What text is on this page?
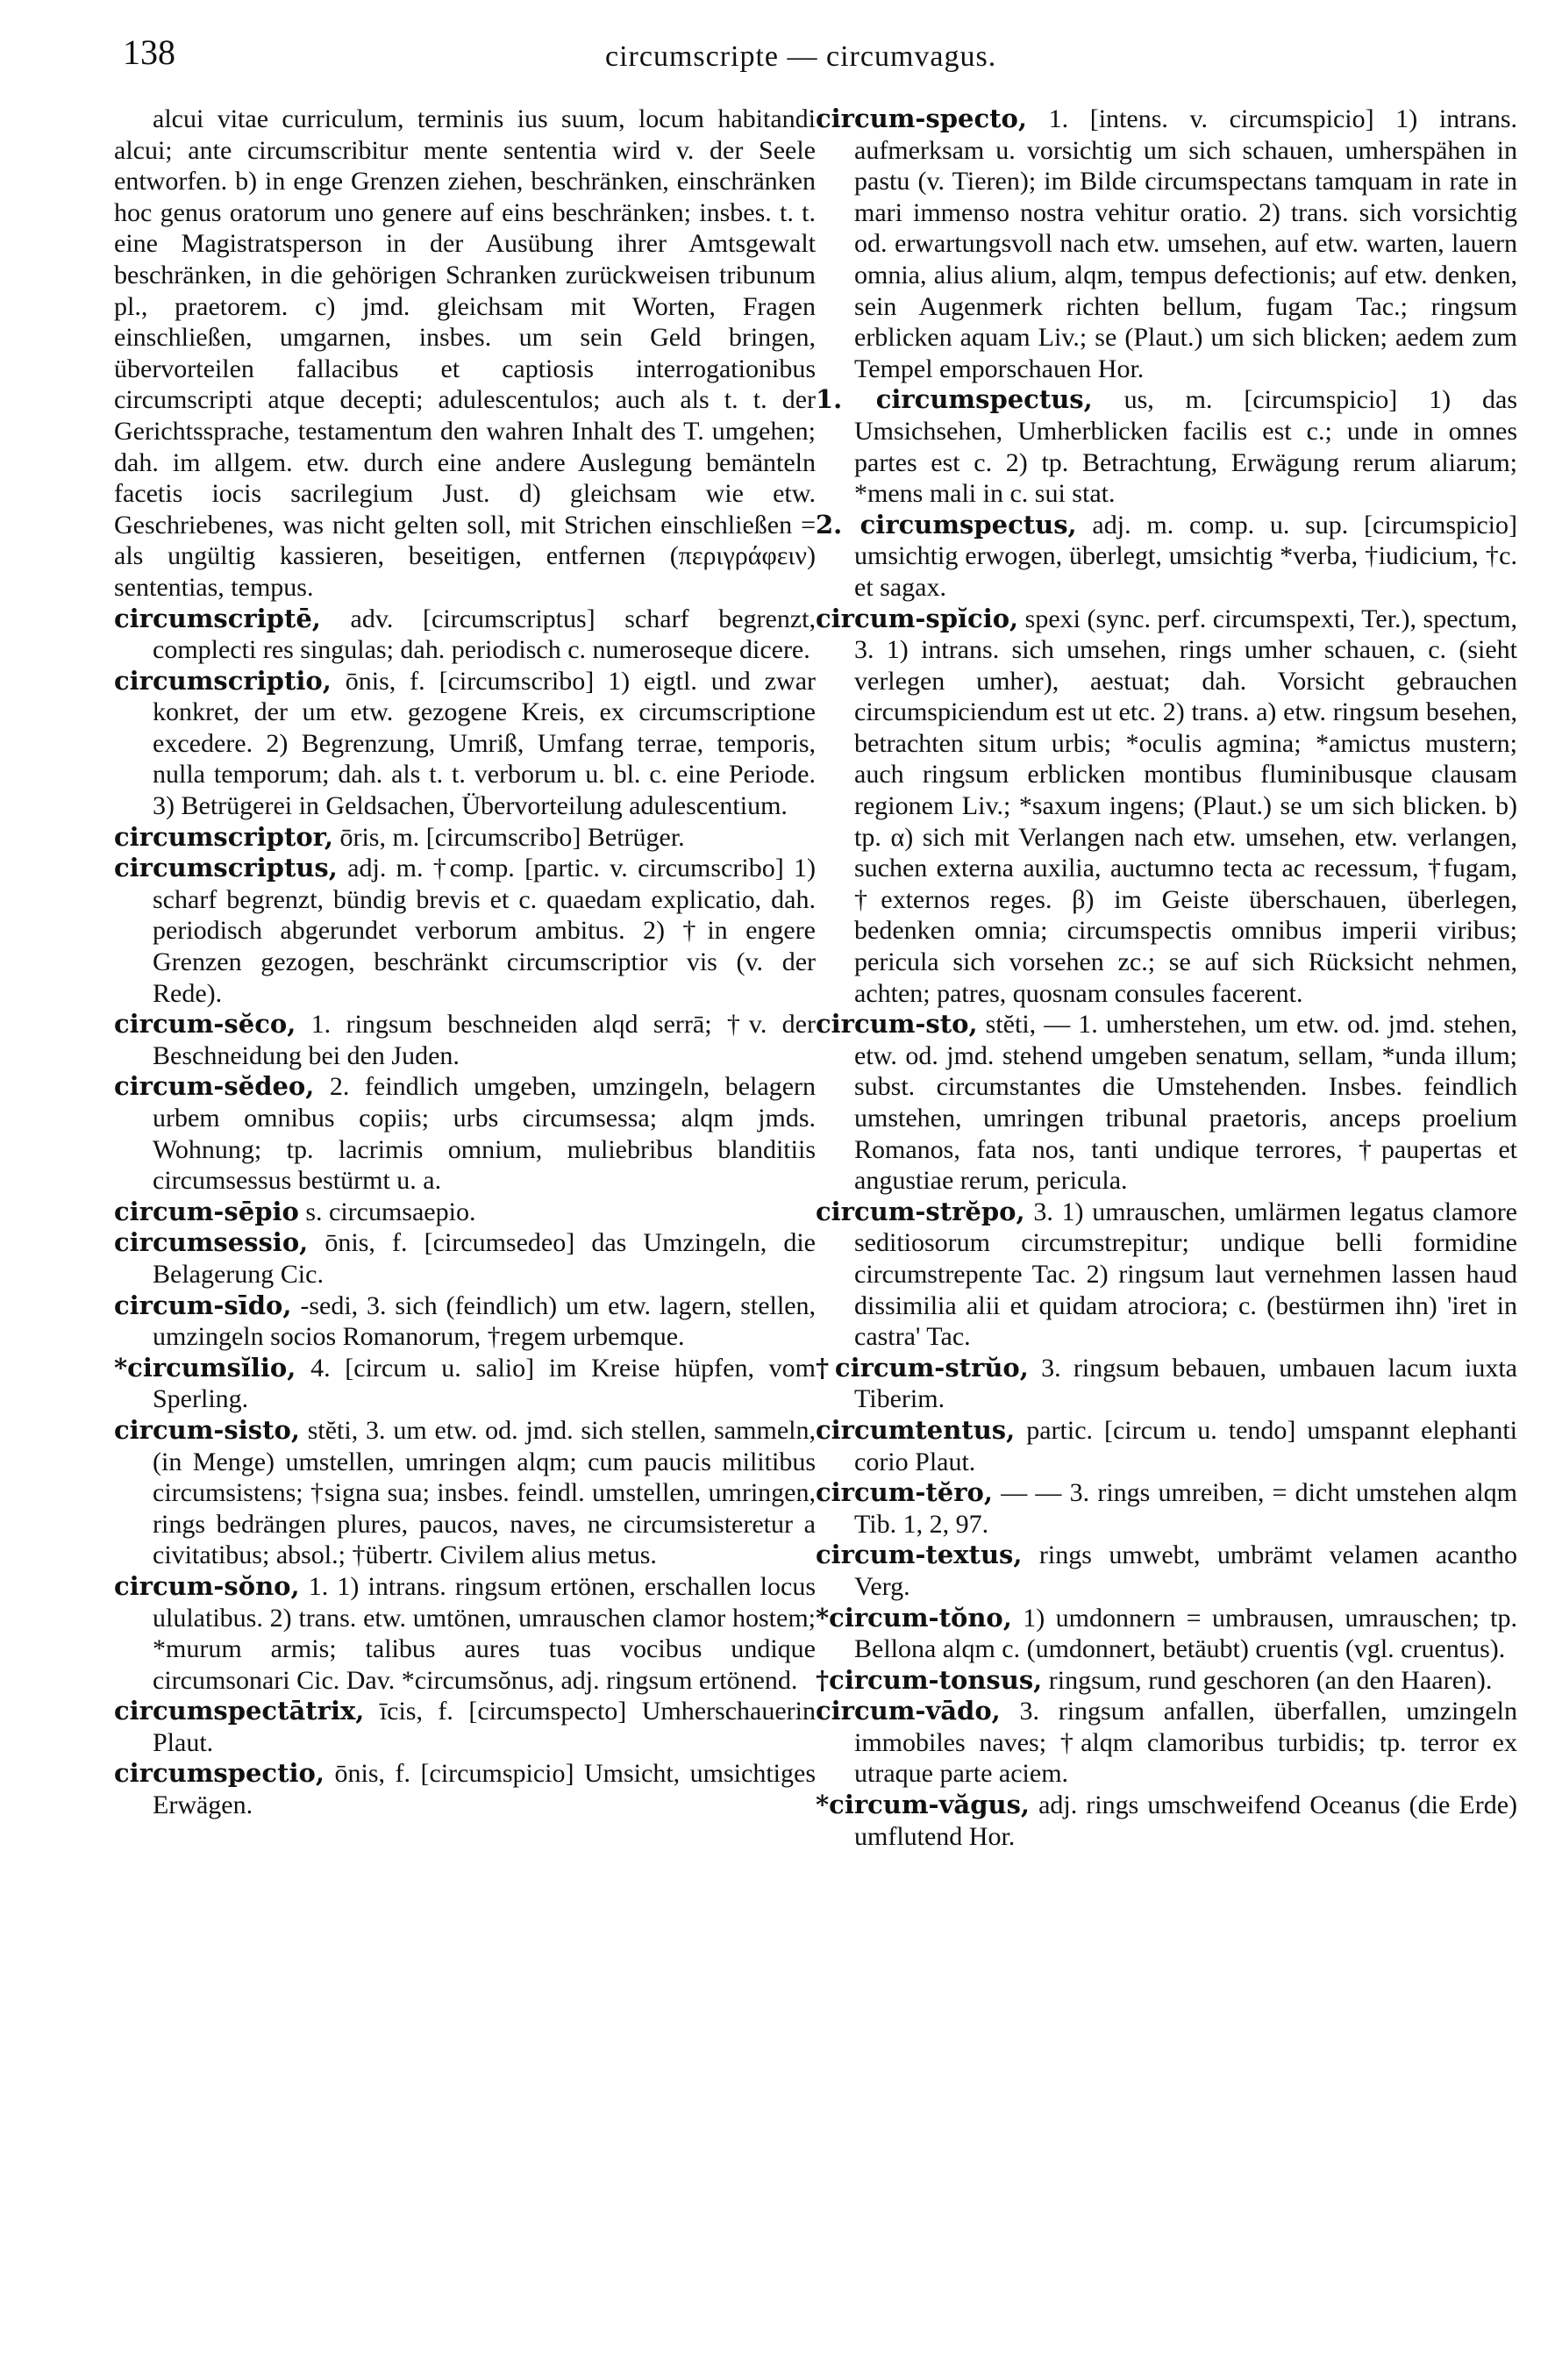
138	circumscripte — circumvagus.

alcui vitae curriculum, terminis ius suum, locum habitandi alcui; ante circumscribitur mente sententia wird v. der Seele entworfen. b) in enge Grenzen ziehen, beschränken, einschränken hoc genus oratorum uno genere auf eins beschränken; insbes. t. t. eine Magistratsperson in der Ausübung ihrer Amtsgewalt beschränken, in die gehörigen Schranken zurückweisen tribunum pl., praetorem. c) jmd. gleichsam mit Worten, Fragen einschließen, umgarnen, insbes. um sein Geld bringen, übervorteilen fallacibus et captiosis interrogationibus circumscripti atque decepti; adulescentulos; auch als t. t. der Gerichtssprache, testamentum den wahren Inhalt des T. umgehen; dah. im allgem. etw. durch eine andere Auslegung bemänteln facetis iocis sacrilegium Just. d) gleichsam wie etw. Geschriebenes, was nicht gelten soll, mit Strichen einschließen = als ungültig kassieren, beseitigen, entfernen (περιγράφειν) sententias, tempus.

circumscriptē, adv. [circumscriptus] scharf begrenzt, complecti res singulas; dah. periodisch c. numeroseque dicere.

circumscriptio, ōnis, f. [circumscribo] 1) eigtl. und zwar konkret, der um etw. gezogene Kreis, ex circumscriptione excedere. 2) Begrenzung, Umriß, Umfang terrae, temporis, nulla temporum; dah. als t. t. verborum u. bl. c. eine Periode. 3) Betrügerei in Geldsachen, Übervorteilung adulescentium.

circumscriptor, ōris, m. [circumscribo] Betrüger.

circumscriptus, adj. m. †comp. [partic. v. circumscribo] 1) scharf begrenzt, bündig brevis et c. quaedam explicatio, dah. periodisch abgerundet verborum ambitus. 2) †in engere Grenzen gezogen, beschränkt circumscriptior vis (v. der Rede).

circum-sĕco, 1. ringsum beschneiden alqd serrā; †v. der Beschneidung bei den Juden.

circum-sĕdeo, 2. feindlich umgeben, umzingeln, belagern urbem omnibus copiis; urbs circumsessa; alqm jmds. Wohnung; tp. lacrimis omnium, muliebribus blanditiis circumsessus bestürmt u. a.

circum-sēpio s. circumsaepio.

circumsessio, ōnis, f. [circumsedeo] das Umzingeln, die Belagerung Cic.

circum-sīdo, -sedi, 3. sich (feindlich) um etw. lagern, stellen, umzingeln socios Romanorum, †regem urbemque.

*circumsĭlio, 4. [circum u. salio] im Kreise hüpfen, vom Sperling.

circum-sisto, stĕti, 3. um etw. od. jmd. sich stellen, sammeln, (in Menge) umstellen, umringen alqm; cum paucis militibus circumsistens; †signa sua; insbes. feindl. umstellen, umringen, rings bedrängen plures, paucos, naves, ne circumsisteretur a civitatibus; absol.; †übertr. Civilem alius metus.

circum-sŏno, 1. 1) intrans. ringsum ertönen, erschallen locus ululatibus. 2) trans. etw. umtönen, umrauschen clamor hostem; *murum armis; talibus aures tuas vocibus undique circumsonari Cic. Dav. *circumsŏnus, adj. ringsum ertönend.

circumspectātrix, īcis, f. [circumspecto] Umherschauerin Plaut.

circumspectio, ōnis, f. [circumspicio] Umsicht, umsichtiges Erwägen.

circum-specto, 1. [intens. v. circumspicio] 1) intrans. aufmerksam u. vorsichtig um sich schauen, umherspähen in pastu (v. Tieren); im Bilde circumspectans tamquam in rate in mari immenso nostra vehitur oratio. 2) trans. sich vorsichtig od. erwartungsvoll nach etw. umsehen, auf etw. warten, lauern omnia, alius alium, alqm, tempus defectionis; auf etw. denken, sein Augenmerk richten bellum, fugam Tac.; ringsum erblicken aquam Liv.; se (Plaut.) um sich blicken; aedem zum Tempel emporschauen Hor.

1. circumspectus, us, m. [circumspicio] 1) das Umsichsehen, Umherblicken facilis est c.; unde in omnes partes est c. 2) tp. Betrachtung, Erwägung rerum aliarum; *mens mali in c. sui stat.

2. circumspectus, adj. m. comp. u. sup. [circumspicio] umsichtig erwogen, überlegt, umsichtig *verba, †iudicium, †c. et sagax.

circum-spĭcio, spexi (sync. perf. circumspexti, Ter.), spectum, 3. 1) intrans. sich umsehen, rings umher schauen, c. (sieht verlegen umher), aestuat; dah. Vorsicht gebrauchen circumspiciendum est ut etc. 2) trans. a) etw. ringsum besehen, betrachten situm urbis; *oculis agmina; *amictus mustern; auch ringsum erblicken montibus fluminibusque clausam regionem Liv.; *saxum ingens; (Plaut.) se um sich blicken. b) tp. α) sich mit Verlangen nach etw. umsehen, etw. verlangen, suchen externa auxilia, auctumno tecta ac recessum, †fugam, †externos reges. β) im Geiste überschauen, überlegen, bedenken omnia; circumspectis omnibus imperii viribus; pericula sich vorsehen zc.; se auf sich Rücksicht nehmen, achten; patres, quosnam consules facerent.

circum-sto, stĕti, — 1. umherstehen, um etw. od. jmd. stehen, etw. od. jmd. stehend umgeben senatum, sellam, *unda illum; subst. circumstantes die Umstehenden. Insbes. feindlich umstehen, umringen tribunal praetoris, anceps proelium Romanos, fata nos, tanti undique terrores, †paupertas et angustiae rerum, pericula.

circum-strĕpo, 3. 1) umrauschen, umlärmen legatus clamore seditiosorum circumstrepitur; undique belli formidine circumstrepente Tac. 2) ringsum laut vernehmen lassen haud dissimilia alii et quidam atrociora; c. (bestürmen ihn) 'iret in castra' Tac.

†circum-strŭo, 3. ringsum bebauen, umbauen lacum iuxta Tiberim.

circumtentus, partic. [circum u. tendo] umspannt elephanti corio Plaut.

circum-tĕro, — — 3. rings umreiben, = dicht umstehen alqm Tib. 1, 2, 97.

circum-textus, rings umwebt, umbrämt velamen acantho Verg.

*circum-tŏno, 1) umdonnern = umbrausen, umrauschen; tp. Bellona alqm c. (umdonnert, betäubt) cruentis (vgl. cruentus).

†circum-tonsus, ringsum, rund geschoren (an den Haaren).

circum-vādo, 3. ringsum anfallen, überfallen, umzingeln immobiles naves; †alqm clamoribus turbidis; tp. terror ex utraque parte aciem.

*circum-văgus, adj. rings umschweifend Oceanus (die Erde) umflutend Hor.
